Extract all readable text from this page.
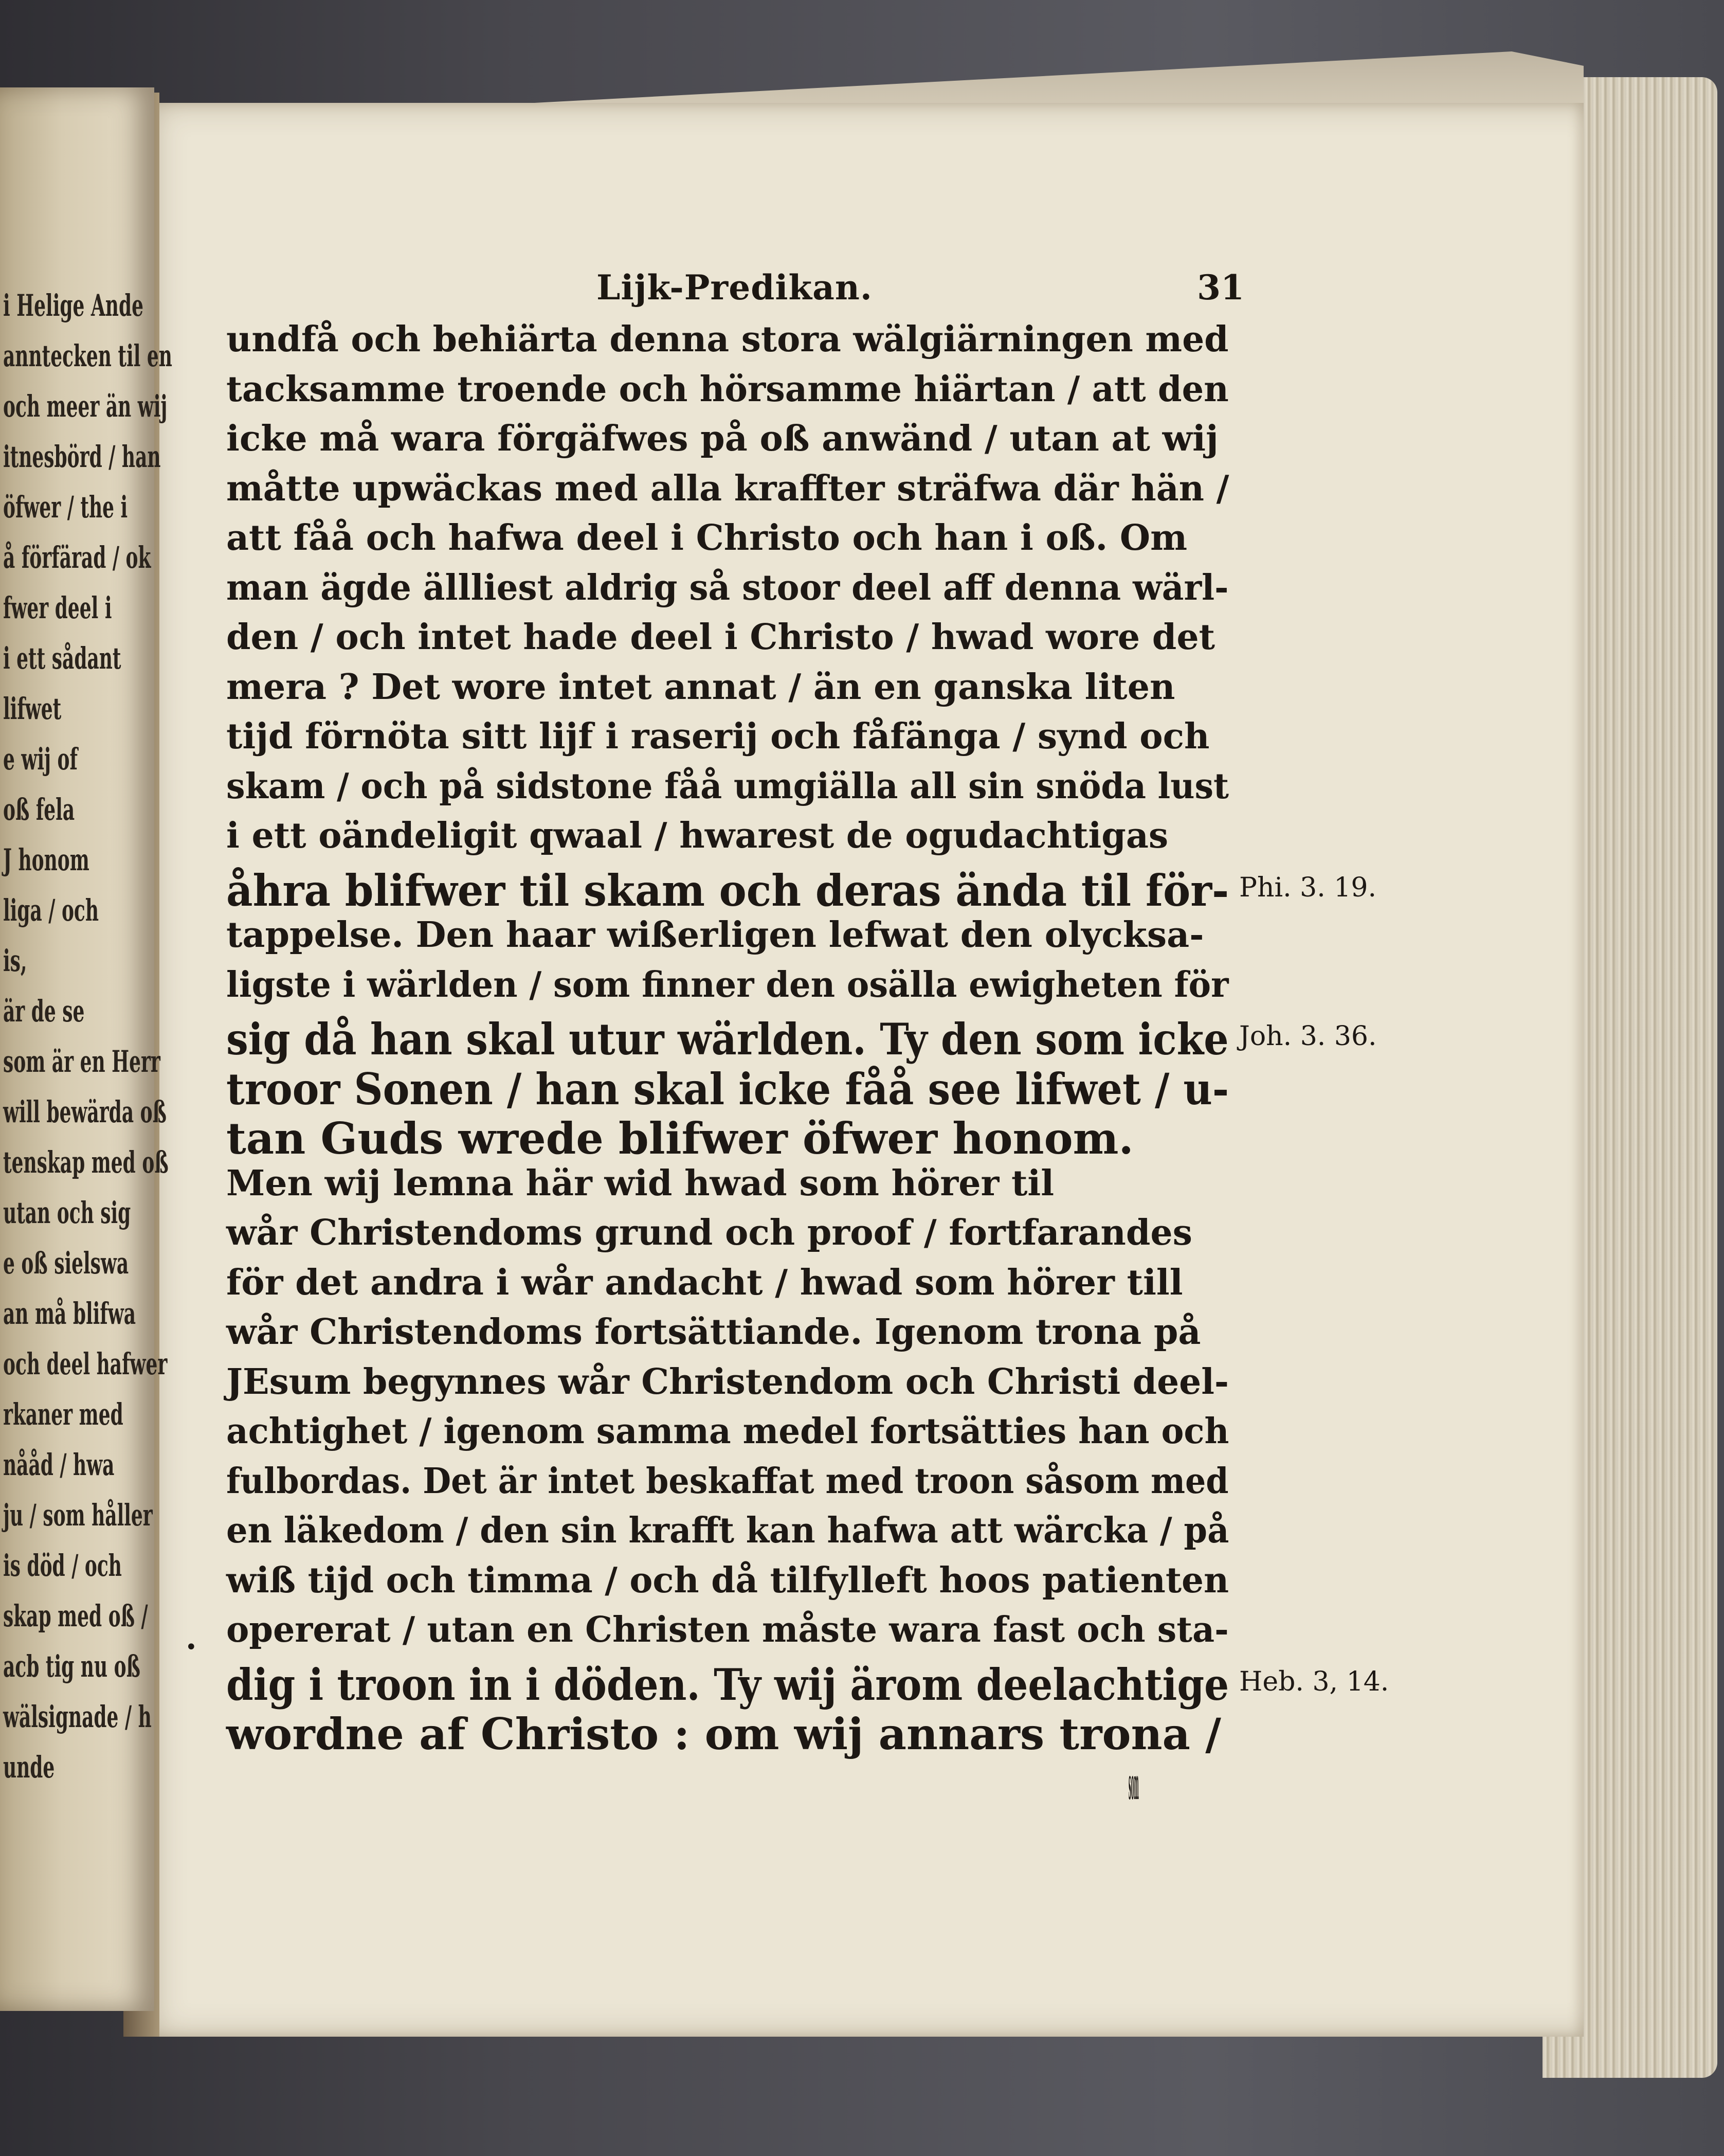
i Helige Ande
anntecken til en
och meer än wij
itnesbörd / han
öfwer / the i
å förfärad / ok
fwer deel i
i ett sådant
lifwet
e wij of
oß fela
J honom
liga / och
is,
är de se
som är en Herr
will bewärda oß
tenskap med oß
utan och sig
e oß sielswa
an må blifwa
och deel hafwer
rkaner med
nååd / hwa
ju / som håller
is död / och
skap med oß /
acb tig nu oß
wälsignade / h
unde
Lijk-Predikan.	31
undfå och behiärta denna stora wälgiärningen med
tacksamme troende och hörsamme hiärtan / att den
icke må wara förgäfwes på oß anwänd / utan at wij
måtte upwäckas med alla kraffter sträfwa där hän /
att fåå och hafwa deel i Christo och han i oß. Om
man ägde ällliest aldrig så stoor deel aff denna wärl-
den / och intet hade deel i Christo / hwad wore det
mera ? Det wore intet annat / än en ganska liten
tijd förnöta sitt lijf i raserij och fåfänga / synd och
skam / och på sidstone fåå umgiälla all sin snöda lust
i ett oändeligit qwaal / hwarest de ogudachtigas
åhra blifwer til skam och deras ända til för-
tappelse. Den haar wißerligen lefwat den olycksa-
ligste i wärlden / som finner den osälla ewigheten för
sig då han skal utur wärlden. Ty den som icke
troor Sonen / han skal icke fåå see lifwet / u-
tan Guds wrede blifwer öfwer honom.
Men wij lemna här wid hwad som hörer til
wår Christendoms grund och proof / fortfarandes
för det andra i wår andacht / hwad som hörer till
wår Christendoms fortsättiande. Igenom trona på
JEsum begynnes wår Christendom och Christi deel-
achtighet / igenom samma medel fortsätties han och
fulbordas. Det är intet beskaffat med troon såsom med
en läkedom / den sin krafft kan hafwa att wärcka / på
wiß tijd och timma / och då tilfylleft hoos patienten
opererat / utan en Christen måste wara fast och sta-
dig i troon in i döden. Ty wij ärom deelachtige
wordne af Christo : om wij annars trona /
som
Phi. 3. 19.
Joh. 3. 36.
Heb. 3, 14.
•
